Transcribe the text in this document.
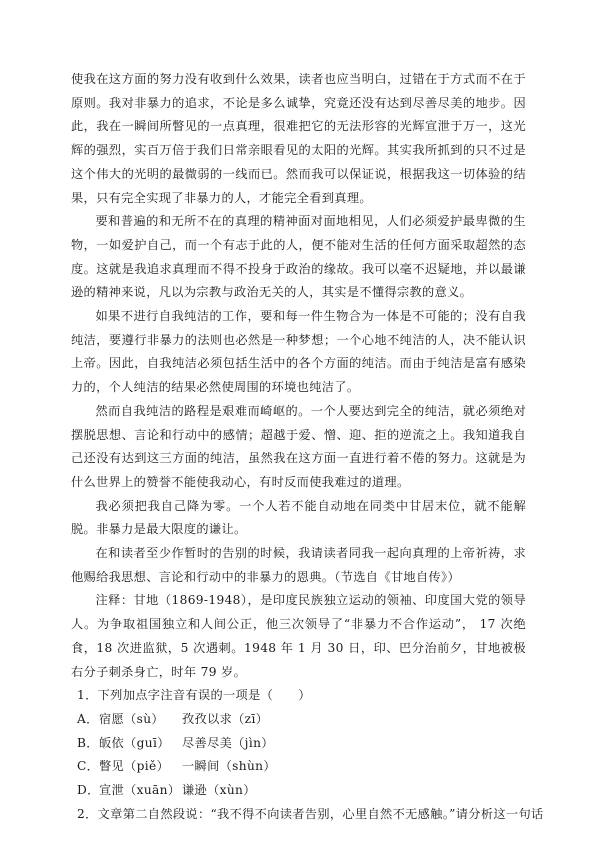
使我在这方面的努力没有收到什么效果，读者也应当明白，过错在于方式而不在于原则。我对非暴力的追求，不论是多么诚挚，究竟还没有达到尽善尽美的地步。因此，我在一瞬间所瞥见的一点真理，很难把它的无法形容的光辉宣泄于万一，这光辉的强烈，实百万倍于我们日常亲眼看见的太阳的光辉。其实我所抓到的只不过是这个伟大的光明的最微弱的一线而已。然而我可以保证说，根据我这一切体验的结果，只有完全实现了非暴力的人，才能完全看到真理。

要和普遍的和无所不在的真理的精神面对面地相见，人们必须爱护最卑微的生物，一如爱护自己，而一个有志于此的人，便不能对生活的任何方面采取超然的态度。这就是我追求真理而不得不投身于政治的缘故。我可以毫不迟疑地，并以最谦逊的精神来说，凡以为宗教与政治无关的人，其实是不懂得宗教的意义。

如果不进行自我纯洁的工作，要和每一件生物合为一体是不可能的；没有自我纯洁，要遵行非暴力的法则也必然是一种梦想；一个心地不纯洁的人，决不能认识上帝。因此，自我纯洁必须包括生活中的各个方面的纯洁。而由于纯洁是富有感染力的，个人纯洁的结果必然使周围的环境也纯洁了。

然而自我纯洁的路程是艰难而崎岖的。一个人要达到完全的纯洁，就必须绝对摆脱思想、言论和行动中的感情；超越于爱、憎、迎、拒的逆流之上。我知道我自己还没有达到这三方面的纯洁，虽然我在这方面一直进行着不倦的努力。这就是为什么世界上的赞誉不能使我动心，有时反而使我难过的道理。

我必须把我自己降为零。一个人若不能自动地在同类中甘居末位，就不能解脱。非暴力是最大限度的谦让。

在和读者至少作暂时的告别的时候，我请读者同我一起向真理的上帝祈祷，求他赐给我思想、言论和行动中的非暴力的恩典。（节选自《甘地自传》）

注释：甘地（1869-1948），是印度民族独立运动的领袖、印度国大党的领导人。为争取祖国独立和人间公正，他三次领导了“非暴力不合作运动”， 17 次绝食，18 次进监狱，5 次遇刺。1948 年 1 月 30 日，印、巴分治前夕，甘地被极右分子刺杀身亡，时年 79 岁。

1．下列加点字注音有误的一项是（　　）

A． 宿愿（sù）	孜孜以求（zī）
B． 皈依（guī）	尽善尽美（jìn）
C． 瞥见（piě）	一瞬间（shùn）
D． 宣泄（xuān） 谦逊（xùn）

2．文章第二自然段说：“我不得不向读者告别，心里自然不无感触。”请分析这一句话
